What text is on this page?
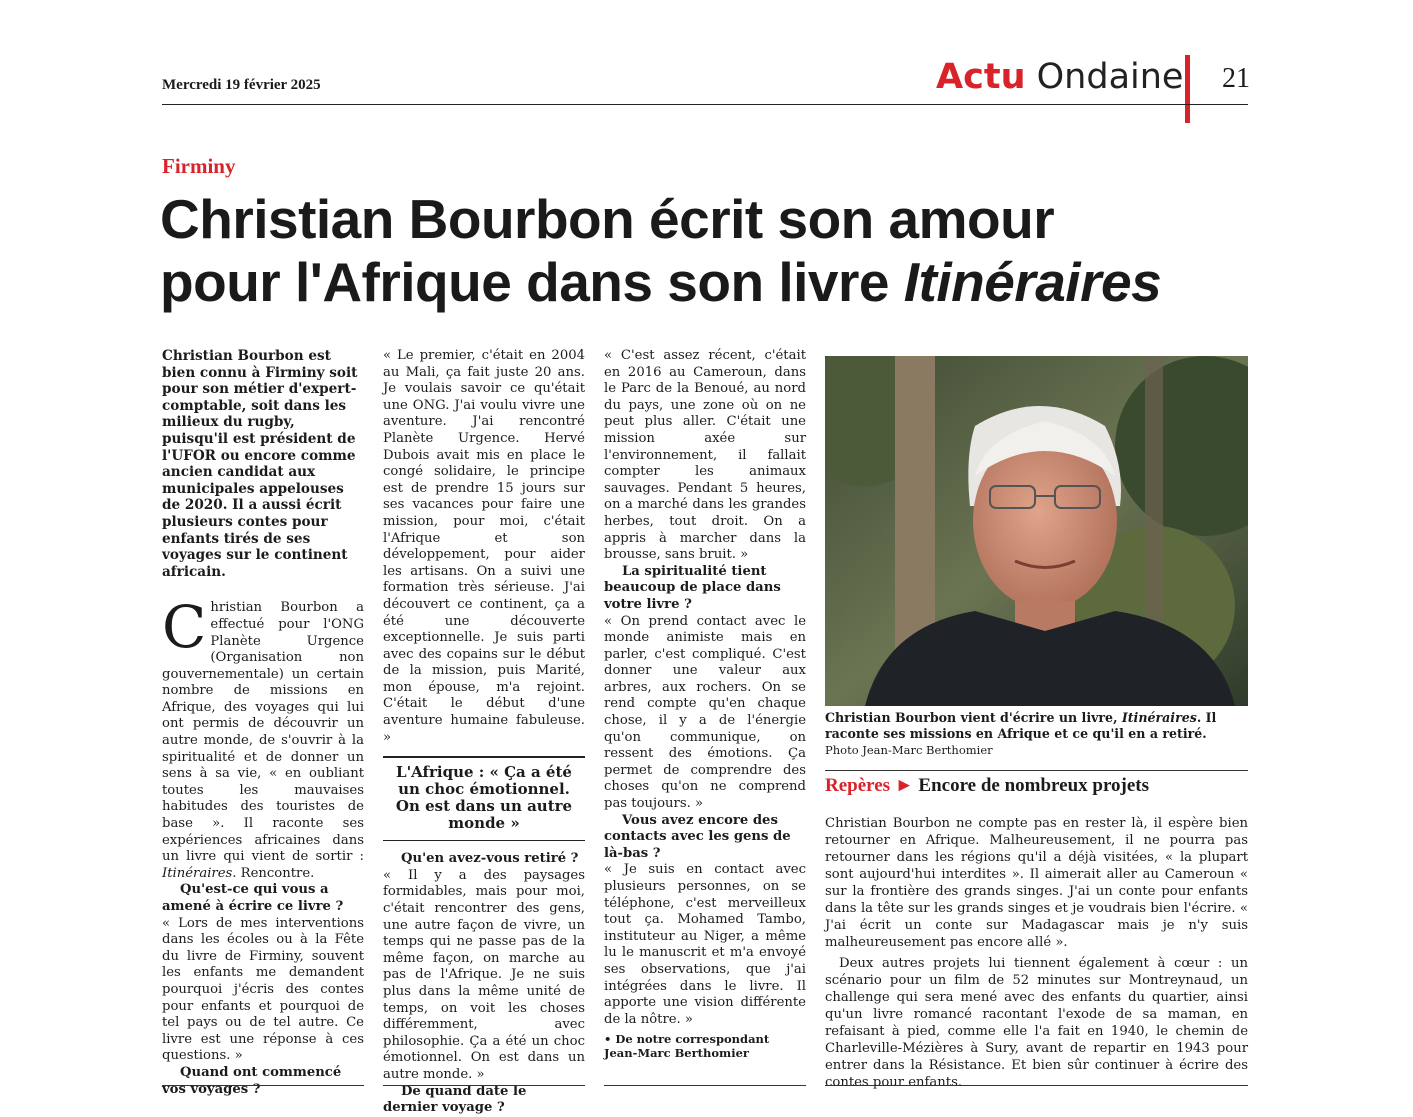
Mercredi 19 février 2025	Actu Ondaine 21
Firminy
Christian Bourbon écrit son amour
pour l'Afrique dans son livre Itinéraires

Christian Bourbon est bien connu à Firminy soit pour son métier d'expert-comptable, soit dans les milieux du rugby, puisqu'il est président de l'UFOR ou encore comme ancien candidat aux municipales appelouses de 2020. Il a aussi écrit plusieurs contes pour enfants tirés de ses voyages sur le continent africain.

Christian Bourbon a effectué pour l'ONG Planète Urgence (Organisation non gouvernementale) un certain nombre de missions en Afrique, des voyages qui lui ont permis de découvrir un autre monde, de s'ouvrir à la spiritualité et de donner un sens à sa vie, « en oubliant toutes les mauvaises habitudes des touristes de base ». Il raconte ses expériences africaines dans un livre qui vient de sortir : Itinéraires. Rencontre.

Qu'est-ce qui vous a amené à écrire ce livre ?

« Lors de mes interventions dans les écoles ou à la Fête du livre de Firminy, souvent les enfants me demandent pourquoi j'écris des contes pour enfants et pourquoi de tel pays ou de tel autre. Ce livre est une réponse à ces questions. »

Quand ont commencé vos voyages ?

« Le premier, c'était en 2004 au Mali, ça fait juste 20 ans. Je voulais savoir ce qu'était une ONG. J'ai voulu vivre une aventure. J'ai rencontré Planète Urgence. Hervé Dubois avait mis en place le congé solidaire, le principe est de prendre 15 jours sur ses vacances pour faire une mission, pour moi, c'était l'Afrique et son développement, pour aider les artisans. On a suivi une formation très sérieuse. J'ai découvert ce continent, ça a été une découverte exceptionnelle. Je suis parti avec des copains sur le début de la mission, puis Marité, mon épouse, m'a rejoint. C'était le début d'une aventure humaine fabuleuse. »

L'Afrique : « Ça a été un choc émotionnel. On est dans un autre monde »

Qu'en avez-vous retiré ?

« Il y a des paysages formidables, mais pour moi, c'était rencontrer des gens, une autre façon de vivre, un temps qui ne passe pas de la même façon, on marche au pas de l'Afrique. Je ne suis plus dans la même unité de temps, on voit les choses différemment, avec philosophie. Ça a été un choc émotionnel. On est dans un autre monde. »

De quand date le dernier voyage ?

« C'est assez récent, c'était en 2016 au Cameroun, dans le Parc de la Benoué, au nord du pays, une zone où on ne peut plus aller. C'était une mission axée sur l'environnement, il fallait compter les animaux sauvages. Pendant 5 heures, on a marché dans les grandes herbes, tout droit. On a appris à marcher dans la brousse, sans bruit. »

La spiritualité tient beaucoup de place dans votre livre ?

« On prend contact avec le monde animiste mais en parler, c'est compliqué. C'est donner une valeur aux arbres, aux rochers. On se rend compte qu'en chaque chose, il y a de l'énergie qu'on communique, on ressent des émotions. Ça permet de comprendre des choses qu'on ne comprend pas toujours. »

Vous avez encore des contacts avec les gens de là-bas ?

« Je suis en contact avec plusieurs personnes, on se téléphone, c'est merveilleux tout ça. Mohamed Tambo, instituteur au Niger, a même lu le manuscrit et m'a envoyé ses observations, que j'ai intégrées dans le livre. Il apporte une vision différente de la nôtre. »

• De notre correspondant
Jean-Marc Berthomier

Christian Bourbon vient d'écrire un livre, Itinéraires. Il raconte ses missions en Afrique et ce qu'il en a retiré.
Photo Jean-Marc Berthomier
Repères ► Encore de nombreux projets

Christian Bourbon ne compte pas en rester là, il espère bien retourner en Afrique. Malheureusement, il ne pourra pas retourner dans les régions qu'il a déjà visitées, « la plupart sont aujourd'hui interdites ». Il aimerait aller au Cameroun « sur la frontière des grands singes. J'ai un conte pour enfants dans la tête sur les grands singes et je voudrais bien l'écrire. « J'ai écrit un conte sur Madagascar mais je n'y suis malheureusement pas encore allé ».

Deux autres projets lui tiennent également à cœur : un scénario pour un film de 52 minutes sur Montreynaud, un challenge qui sera mené avec des enfants du quartier, ainsi qu'un livre romancé racontant l'exode de sa maman, en refaisant à pied, comme elle l'a fait en 1940, le chemin de Charleville-Mézières à Sury, avant de repartir en 1943 pour entrer dans la Résistance. Et bien sûr continuer à écrire des contes pour enfants.
